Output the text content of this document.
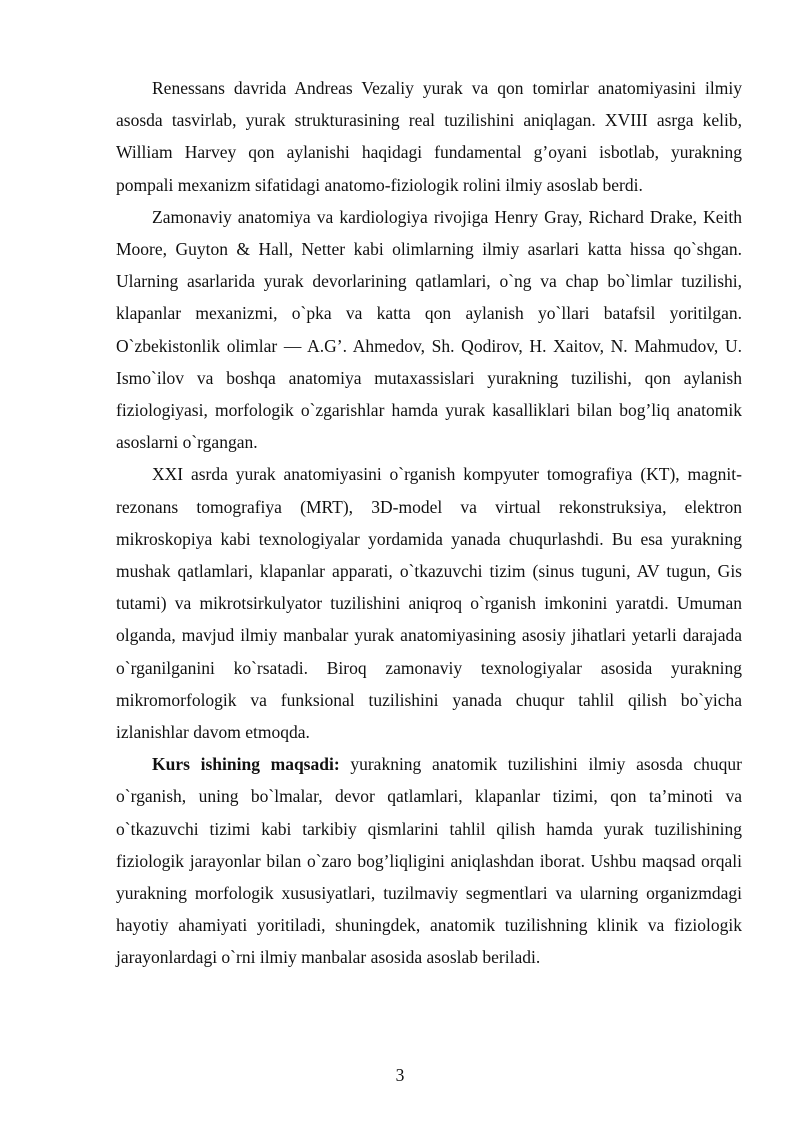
Renessans davrida Andreas Vezaliy yurak va qon tomirlar anatomiyasini ilmiy asosda tasvirlab, yurak strukturasining real tuzilishini aniqlagan. XVIII asrga kelib, William Harvey qon aylanishi haqidagi fundamental g’oyani isbotlab, yurakning pompali mexanizm sifatidagi anatomo-fiziologik rolini ilmiy asoslab berdi.

Zamonaviy anatomiya va kardiologiya rivojiga Henry Gray, Richard Drake, Keith Moore, Guyton & Hall, Netter kabi olimlarning ilmiy asarlari katta hissa qo`shgan. Ularning asarlarida yurak devorlarining qatlamlari, o`ng va chap bo`limlar tuzilishi, klapanlar mexanizmi, o`pka va katta qon aylanish yo`llari batafsil yoritilgan. O`zbekistonlik olimlar — A.G’. Ahmedov, Sh. Qodirov, H. Xaitov, N. Mahmudov, U. Ismo`ilov va boshqa anatomiya mutaxassislari yurakning tuzilishi, qon aylanish fiziologiyasi, morfologik o`zgarishlar hamda yurak kasalliklari bilan bog’liq anatomik asoslarni o`rgangan.

XXI asrda yurak anatomiyasini o`rganish kompyuter tomografiya (KT), magnit-rezonans tomografiya (MRT), 3D-model va virtual rekonstruksiya, elektron mikroskopiya kabi texnologiyalar yordamida yanada chuqurlashdi. Bu esa yurakning mushak qatlamlari, klapanlar apparati, o`tkazuvchi tizim (sinus tuguni, AV tugun, Gis tutami) va mikrotsirkulyator tuzilishini aniqroq o`rganish imkonini yaratdi. Umuman olganda, mavjud ilmiy manbalar yurak anatomiyasining asosiy jihatlari yetarli darajada o`rganilganini ko`rsatadi. Biroq zamonaviy texnologiyalar asosida yurakning mikromorfologik va funksional tuzilishini yanada chuqur tahlil qilish bo`yicha izlanishlar davom etmoqda.

Kurs ishining maqsadi: yurakning anatomik tuzilishini ilmiy asosda chuqur o`rganish, uning bo`lmalar, devor qatlamlari, klapanlar tizimi, qon ta’minoti va o`tkazuvchi tizimi kabi tarkibiy qismlarini tahlil qilish hamda yurak tuzilishining fiziologik jarayonlar bilan o`zaro bog’liqligini aniqlashdan iborat. Ushbu maqsad orqali yurakning morfologik xususiyatlari, tuzilmaviy segmentlari va ularning organizmdagi hayotiy ahamiyati yoritiladi, shuningdek, anatomik tuzilishning klinik va fiziologik jarayonlardagi o`rni ilmiy manbalar asosida asoslab beriladi.

3
